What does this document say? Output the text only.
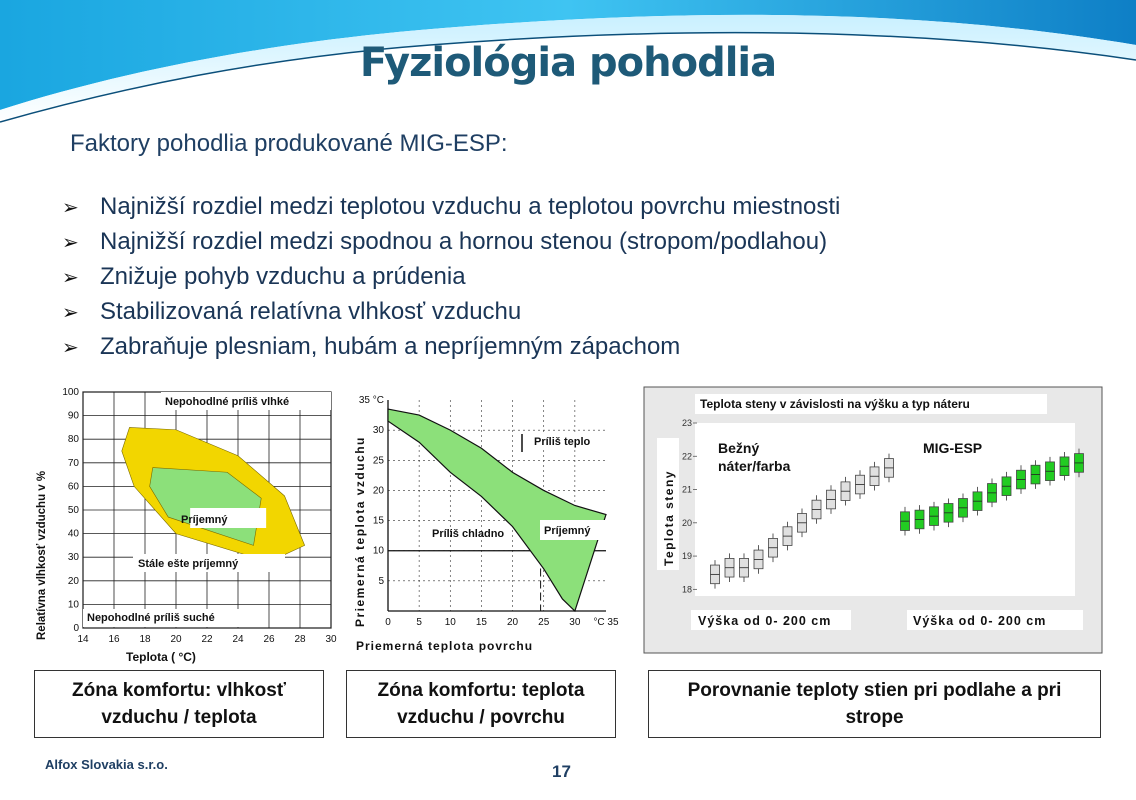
Fyziológia pohodlia
Faktory pohodlia produkované MIG-ESP:
➢ Najnižší rozdiel medzi teplotou vzduchu a teplotou povrchu miestnosti
➢ Najnižší rozdiel medzi spodnou a hornou stenou (stropom/podlahou)
➢ Znižuje pohyb vzduchu a prúdenia
➢ Stabilizovaná relatívna vlhkosť vzduchu
➢ Zabraňuje plesniam, hubám a nepríjemným zápachom
14 16 18 20 22 24 26 28 30
0
10
20
30
40
50
60
70
80
90
100
Nepohodlné príliš vlhké
Príjemný
Stále ešte príjemný
Nepohodlné príliš suché
Teplota ( °C)
Relatívna vlhkosť vzduchu v %	0	5 10 15 20 25 30 °C 35
5
10
15
20
25
30
35 °C
Príliš teplo
Príliš chladno	Príjemný
Priemerná teplota povrchu
Priemerná teplota vzduchu
Teplota steny v závislosti na výšku a typ náteru
18
19
20
21
22
23
Teplota steny
Bežný náter/farba
MIG-ESP
Výška od 0- 200 cm	Výška od 0- 200 cm
Zóna komfortu: vlhkosť vzduchu / teplota
Zóna komfortu: teplota vzduchu / povrchu
Porovnanie teploty stien pri podlahe a pri strope
Alfox Slovakia s.r.o.	17
